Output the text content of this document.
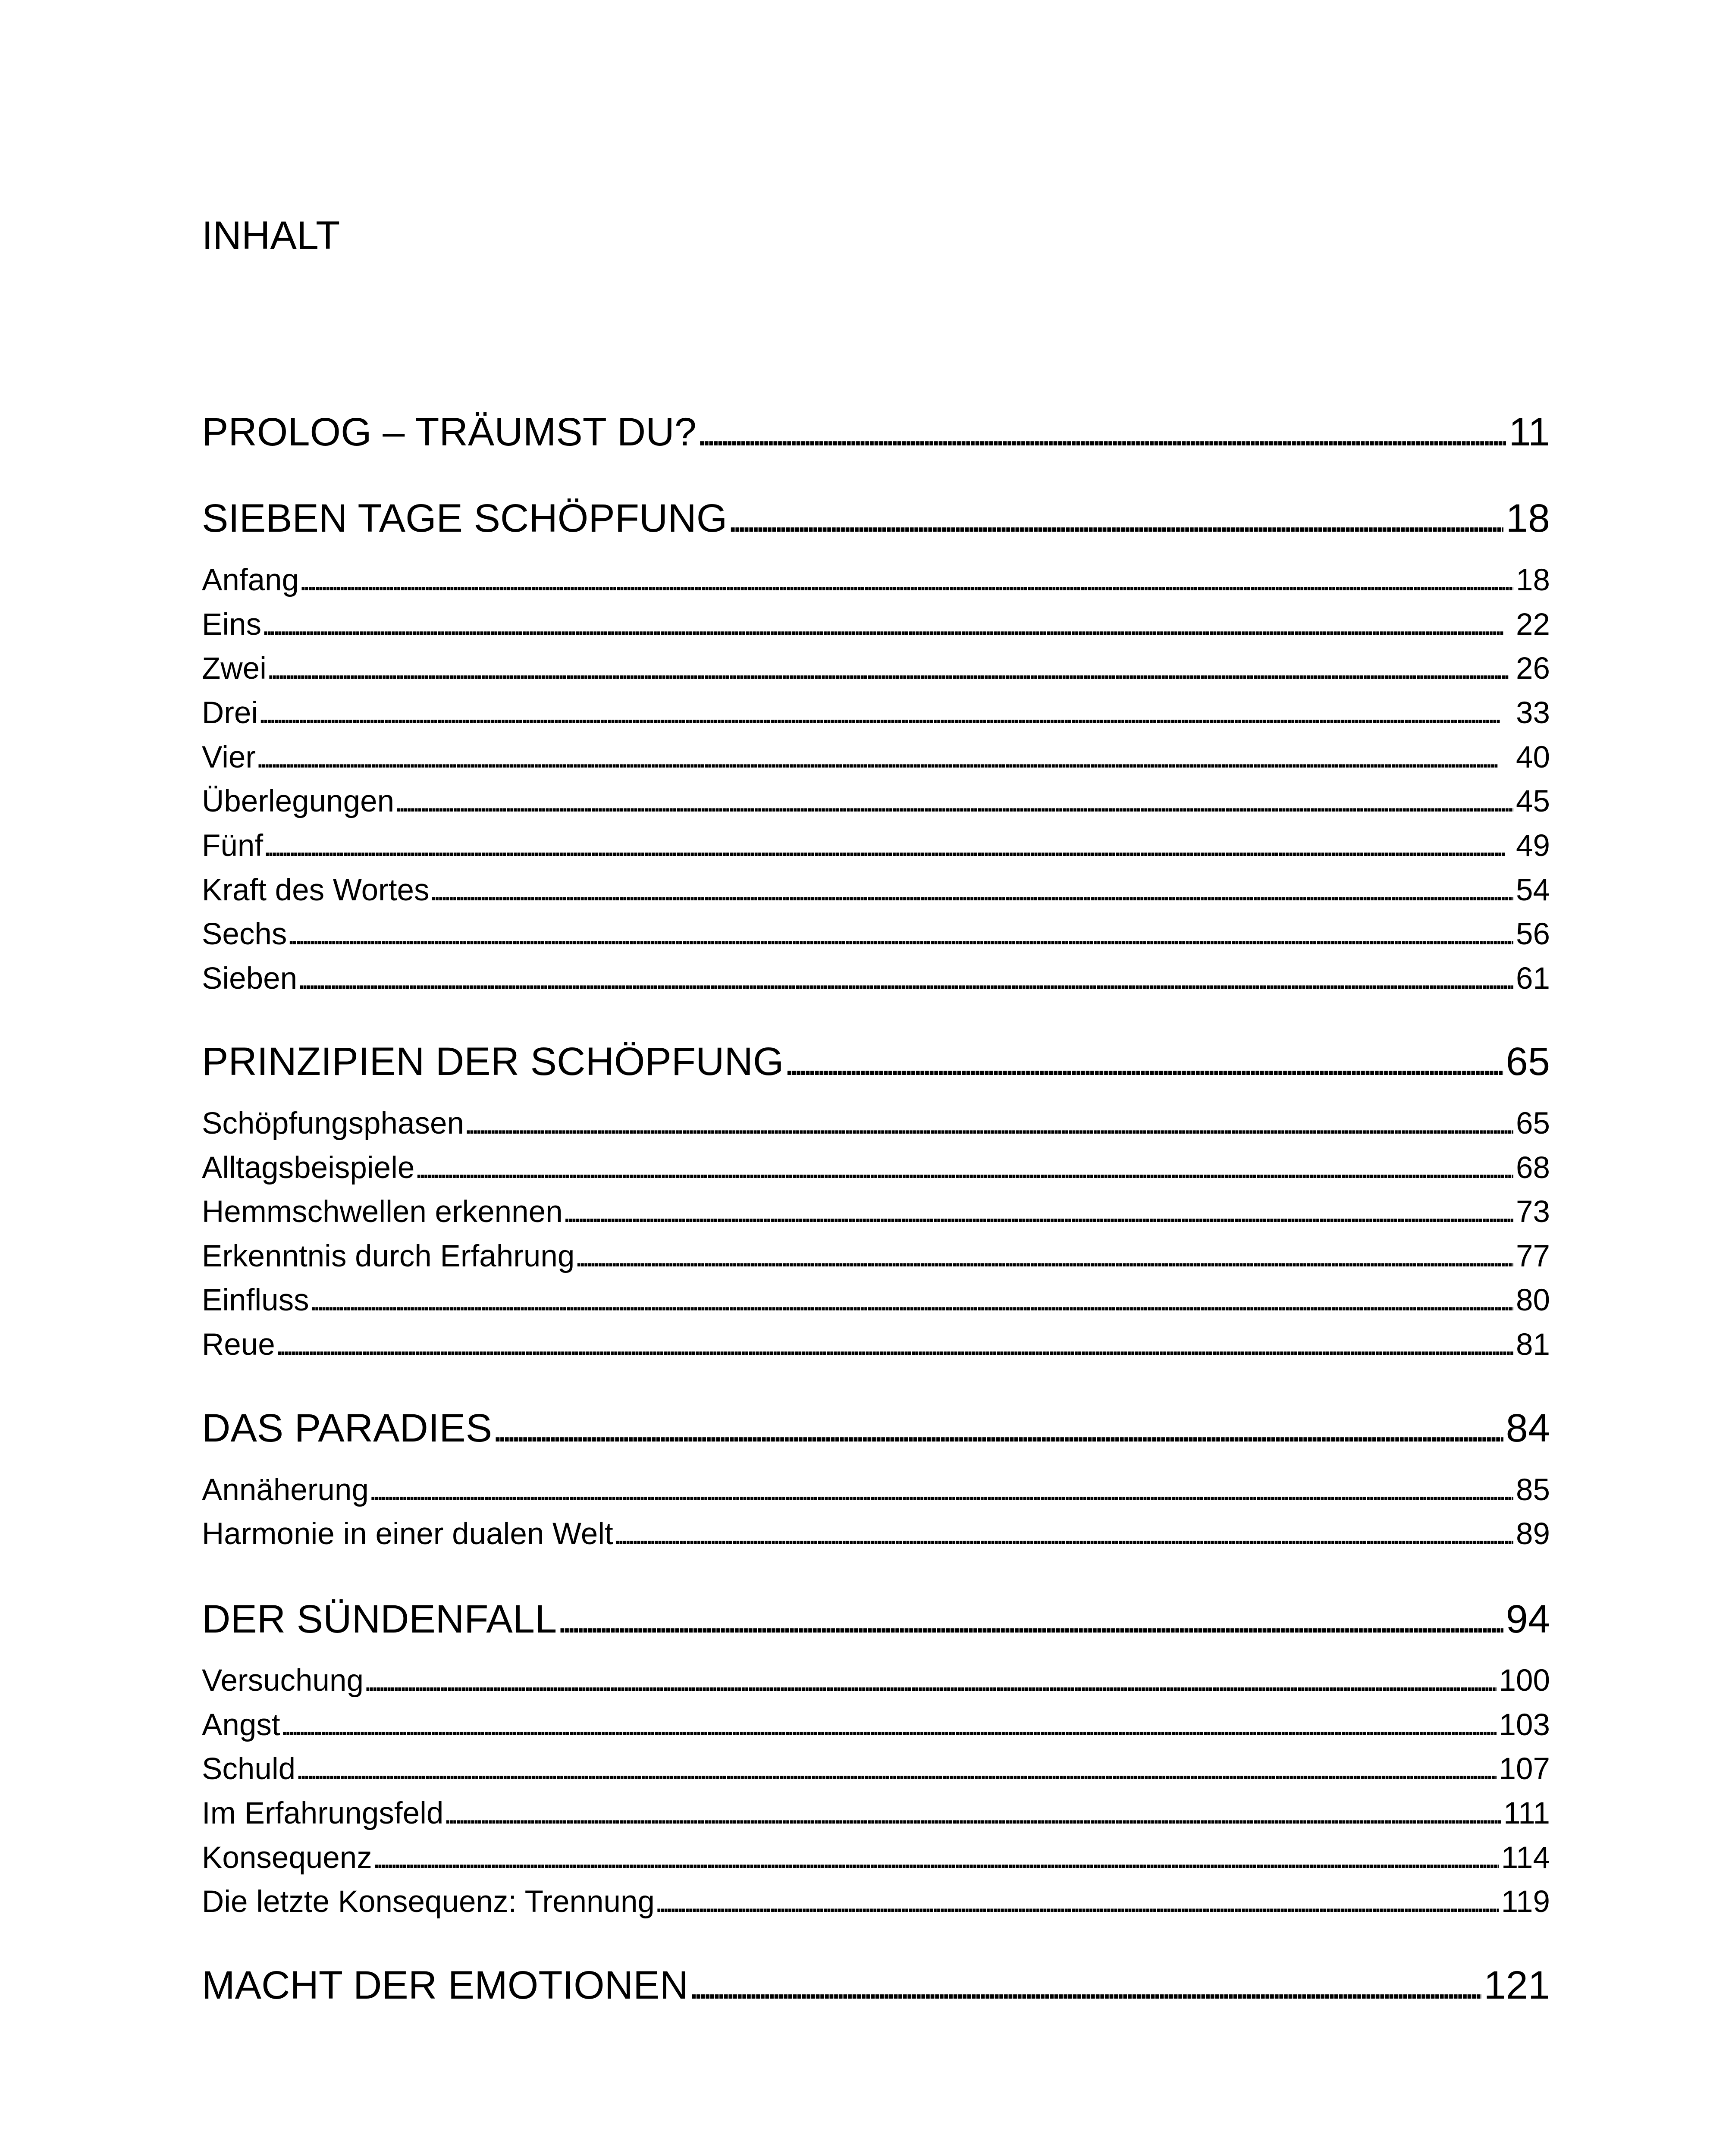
INHALT
PROLOG – TRÄUMST DU? . . .	11
SIEBEN TAGE SCHÖPFUNG . . .	18
Anfang . . .	18
Eins . . .	22
Zwei . . .	26
Drei . . .	33
Vier . . .	40
Überlegungen . . .	45
Fünf . . .	49
Kraft des Wortes . . .	54
Sechs . . .	56
Sieben . . .	61
PRINZIPIEN DER SCHÖPFUNG . . .	65
Schöpfungsphasen . . .	65
Alltagsbeispiele . . .	68
Hemmschwellen erkennen . . .	73
Erkenntnis durch Erfahrung . . .	77
Einfluss . . .	80
Reue . . .	81
DAS PARADIES . . .	84
Annäherung . . .	85
Harmonie in einer dualen Welt . . .	89
DER SÜNDENFALL . . .	94
Versuchung . . .	100
Angst . . .	103
Schuld . . .	107
Im Erfahrungsfeld . . .	111
Konsequenz . . .	114
Die letzte Konsequenz: Trennung . . .	119
MACHT DER EMOTIONEN . . .	121
